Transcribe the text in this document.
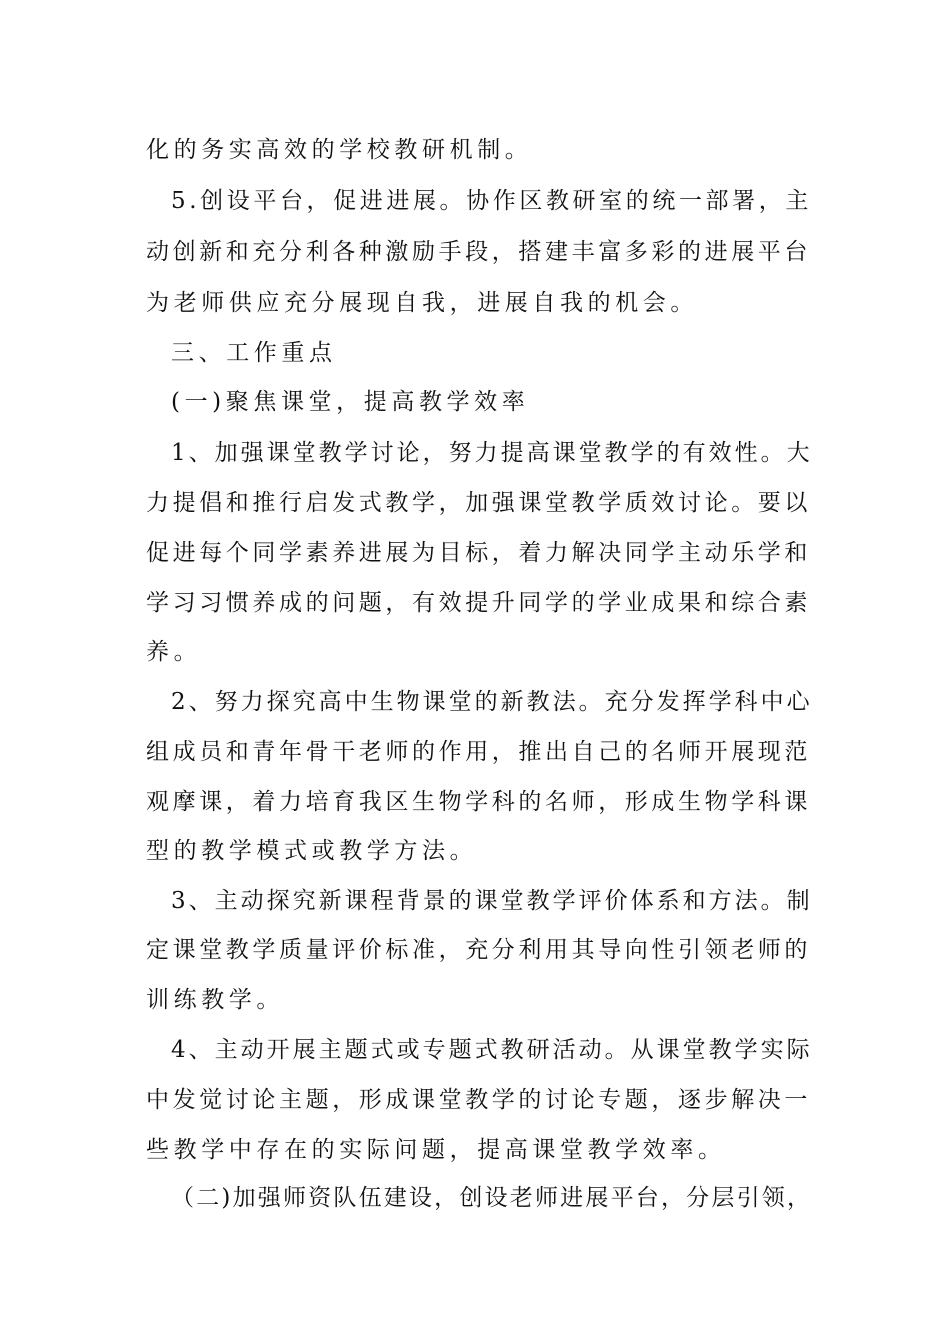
化的务实高效的学校教研机制。
5.创设平台，促进进展。协作区教研室的统一部署，主
动创新和充分利各种激励手段，搭建丰富多彩的进展平台
为老师供应充分展现自我，进展自我的机会。
三、工作重点
(一)聚焦课堂，提高教学效率
1、加强课堂教学讨论，努力提高课堂教学的有效性。大
力提倡和推行启发式教学，加强课堂教学质效讨论。要以
促进每个同学素养进展为目标，着力解决同学主动乐学和
学习习惯养成的问题，有效提升同学的学业成果和综合素
养。
2、努力探究高中生物课堂的新教法。充分发挥学科中心
组成员和青年骨干老师的作用，推出自己的名师开展现范
观摩课，着力培育我区生物学科的名师，形成生物学科课
型的教学模式或教学方法。
3、主动探究新课程背景的课堂教学评价体系和方法。制
定课堂教学质量评价标准，充分利用其导向性引领老师的
训练教学。
4、主动开展主题式或专题式教研活动。从课堂教学实际
中发觉讨论主题，形成课堂教学的讨论专题，逐步解决一
些教学中存在的实际问题，提高课堂教学效率。
（二)加强师资队伍建设，创设老师进展平台，分层引领，
